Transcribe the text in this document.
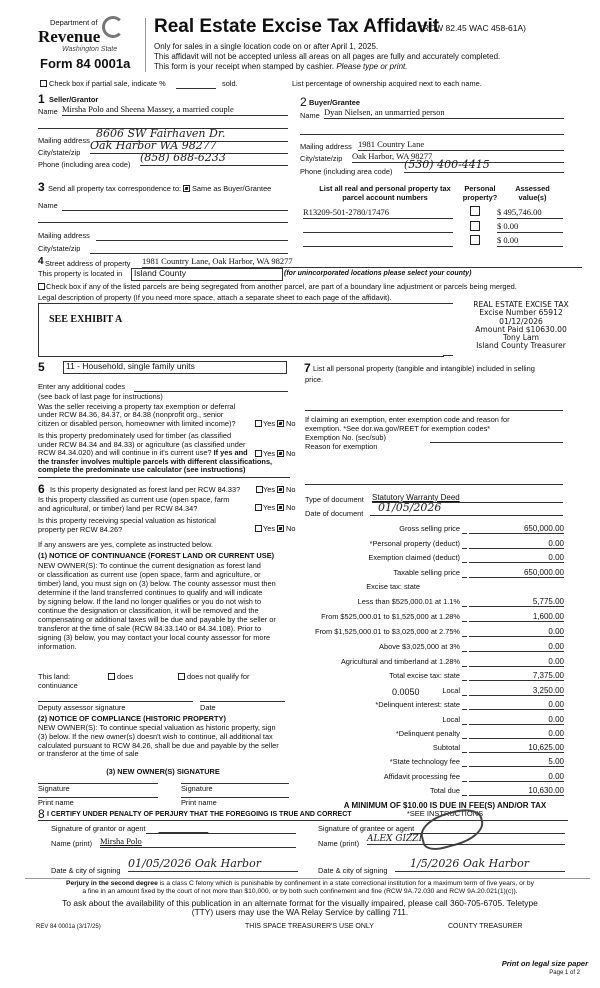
Department of
Revenue
Washington State
Form 84 0001a
Real Estate Excise Tax Affidavit
(RCW 82.45 WAC 458-61A)
Only for sales in a single location code on or after April 1, 2025.
This affidavit will not be accepted unless all areas on all pages are fully and accurately completed.
This form is your receipt when stamped by cashier. Please type or print.
Check box if partial sale, indicate %	sold.	List percentage of ownership acquired next to each name.
1 Seller/Grantor
Name Mirsha Polo and Sheena Massey, a married couple
Mailing address
8606 SW Fairhaven Dr.
City/state/zip
Oak Harbor WA 98277
Phone (including area code)
(858) 688-6233
2 Buyer/Grantee
Name Dyan Nielsen, an unmarried person
Mailing address 1981 Country Lane
City/state/zip Oak Harbor, WA 98277
Phone (including area code)
(530) 400-4415
3 Send all property tax correspondence to: Same as Buyer/Grantee
Name
Mailing address
City/state/zip
List all real and personal property tax
parcel account numbers
Personal
property?
Assessed
value(s)
R13209-501-2780/17476	$ 495,746.00
$ 0.00
$ 0.00
4 Street address of property 1981 Country Lane, Oak Harbor, WA 98277
This property is located in	Island County	(for unincorporated locations please select your county)
Check box if any of the listed parcels are being segregated from another parcel, are part of a boundary line adjustment or parcels being merged.
Legal description of property (If you need more space, attach a separate sheet to each page of the affidavit).
SEE EXHIBIT A
REAL ESTATE EXCISE TAX
Excise Number 65912
01/12/2026
Amount Paid $10630.00
Tony Lam
Island County Treasurer
5	11 - Household, single family units
Enter any additional codes
(see back of last page for instructions)
Was the seller receiving a property tax exemption or deferral
under RCW 84.36, 84.37, or 84.38 (nonprofit org., senior
citizen or disabled person, homeowner with limited income)?	Yes No
Is this property predominately used for timber (as classified
under RCW 84.34 and 84.33) or agriculture (as classified under
RCW 84.34.020) and will continue in it's current use? If yes and
the transfer involves multiple parcels with different classifications,
complete the predominate use calculator (see instructions)
Yes No
6 Is this property designated as forest land per RCW 84.33?	Yes No
Is this property classified as current use (open space, farm
and agricultural, or timber) land per RCW 84.34?	Yes No
Is this property receiving special valuation as historical
property per RCW 84.26?	Yes No
If any answers are yes, complete as instructed below.
(1) NOTICE OF CONTINUANCE (FOREST LAND OR CURRENT USE)
NEW OWNER(S): To continue the current designation as forest land
or classification as current use (open space, farm and agriculture, or
timber) land, you must sign on (3) below. The county assessor must then
determine if the land transferred continues to qualify and will indicate
by signing below. If the land no longer qualifies or you do not wish to
continue the designation or classification, it will be removed and the
compensating or additional taxes will be due and payable by the seller or
transferor at the time of sale (RCW 84.33.140 or 84.34.108). Prior to
signing (3) below, you may contact your local county assessor for more
information.
This land:	does	does not qualify for
continuance
Deputy assessor signature	Date
(2) NOTICE OF COMPLIANCE (HISTORIC PROPERTY)
NEW OWNER(S): To continue special valuation as historic property, sign
(3) below. If the new owner(s) doesn't wish to continue, all additional tax
calculated pursuant to RCW 84.26, shall be due and payable by the seller
or transferor at the time of sale
(3) NEW OWNER(S) SIGNATURE
Signature	Signature
Print name	Print name
7 List all personal property (tangible and intangible) included in selling
price.
If claiming an exemption, enter exemption code and reason for
exemption. *See dor.wa.gov/REET for exemption codes*
Exemption No. (sec/sub)
Reason for exemption
Type of document Statutory Warranty Deed
Date of document	01/05/2026
Gross selling price	650,000.00
*Personal property (deduct)	0.00
Exemption claimed (deduct)	0.00
Taxable selling price	650,000.00
Excise tax: state
Less than $525,000.01 at 1.1%	5,775.00
From $525,000.01 to $1,525,000 at 1.28%	1,600.00
From $1,525,000.01 to $3,025,000 at 2.75%	0.00
Above $3,025,000 at 3%	0.00
Agricultural and timberland at 1.28%	0.00
Total excise tax: state	7,375.00
Local	3,250.00
*Delinquent interest: state	0.00
Local	0.00
*Delinquent penalty	0.00
Subtotal	10,625.00
*State technology fee	5.00
Affidavit processing fee	0.00
Total due	10,630.00
0.0050
A MINIMUM OF $10.00 IS DUE IN FEE(S) AND/OR TAX
*SEE INSTRUCTIONS
8 I CERTIFY UNDER PENALTY OF PERJURY THAT THE FOREGOING IS TRUE AND CORRECT
Signature of grantor or agent
Name (print) Mirsha Polo
Date & city of signing
01/05/2026 Oak Harbor
Signature of grantee or agent
Name (print) ALEX GIZZI
Date & city of signing
1/5/2026 Oak Harbor
Perjury in the second degree is a class C felony which is punishable by confinement in a state correctional institution for a maximum term of five years, or by
a fine in an amount fixed by the court of not more than $10,000, or by both such confinement and fine (RCW 9A.72.030 and RCW 9A.20.021(1)(c)).
To ask about the availability of this publication in an alternate format for the visually impaired, please call 360-705-6705. Teletype
(TTY) users may use the WA Relay Service by calling 711.
REV 84 0001a (3/17/25)	THIS SPACE TREASURER'S USE ONLY	COUNTY TREASURER
Print on legal size paper
Page 1 of 2
